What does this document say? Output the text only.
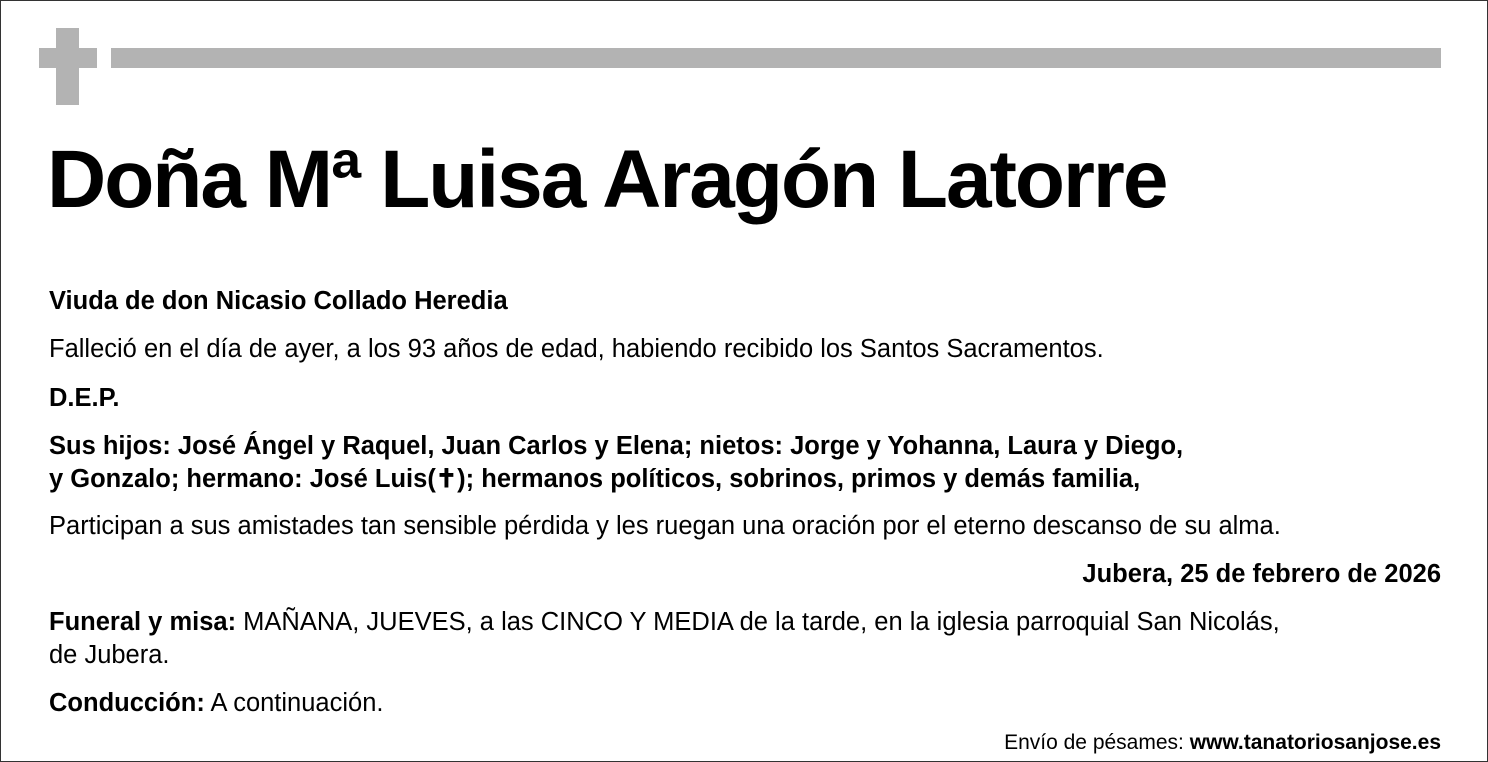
Doña Mª Luisa Aragón Latorre
Viuda de don Nicasio Collado Heredia
Falleció en el día de ayer, a los 93 años de edad, habiendo recibido los Santos Sacramentos.
D.E.P.
Sus hijos: José Ángel y Raquel, Juan Carlos y Elena; nietos: Jorge y Yohanna, Laura y Diego,
y Gonzalo; hermano: José Luis(✝); hermanos políticos, sobrinos, primos y demás familia,
Participan a sus amistades tan sensible pérdida y les ruegan una oración por el eterno descanso de su alma.
Jubera, 25 de febrero de 2026
Funeral y misa: MAÑANA, JUEVES, a las CINCO Y MEDIA de la tarde, en la iglesia parroquial San Nicolás,
de Jubera.
Conducción: A continuación.
Envío de pésames: www.tanatoriosanjose.es
